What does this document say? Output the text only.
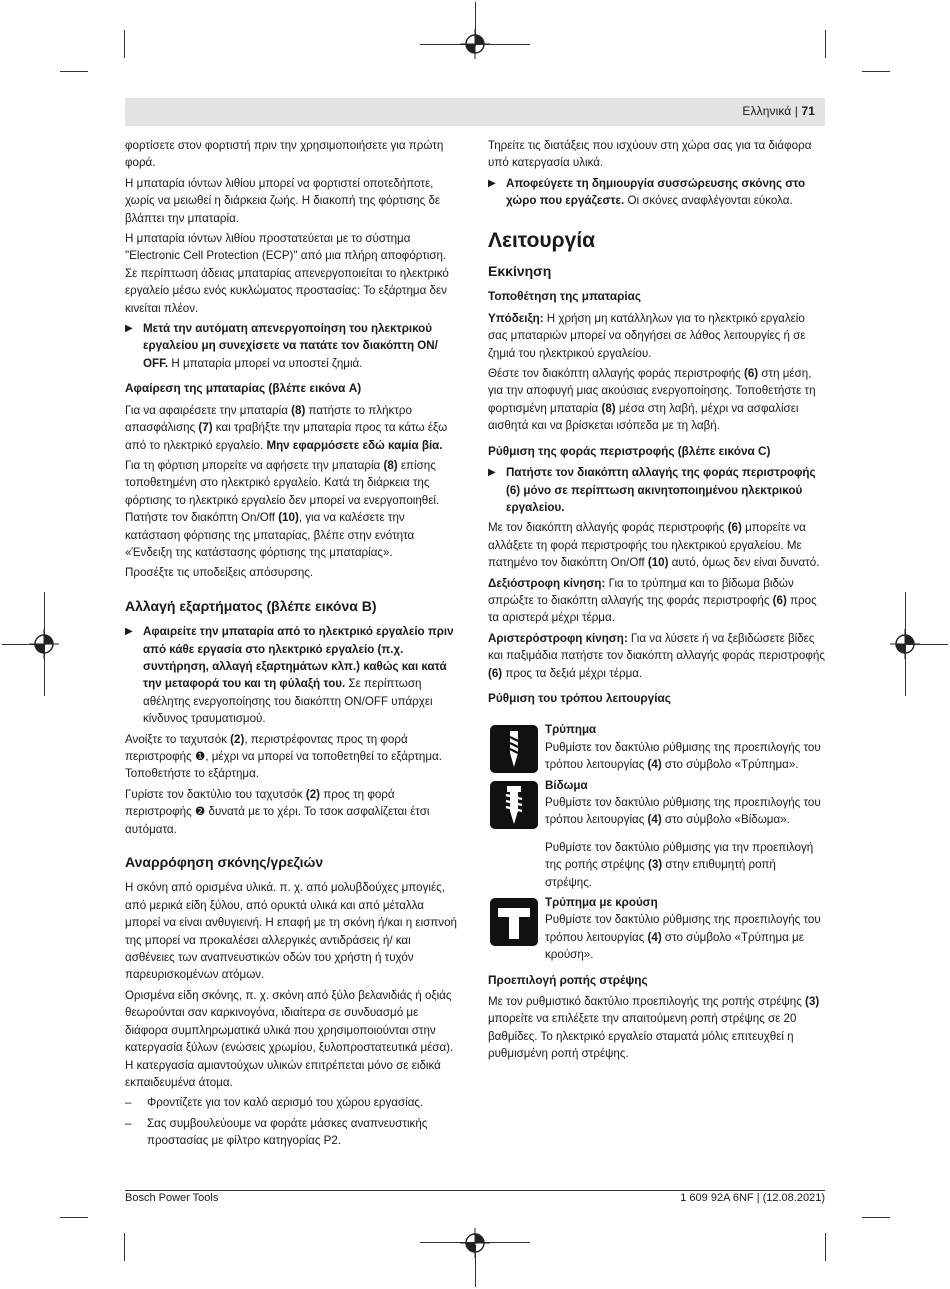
Ελληνικά | 71

φορτίσετε στον φορτιστή πριν την χρησιμοποιήσετε για πρώτη φορά.

Η μπαταρία ιόντων λιθίου μπορεί να φορτιστεί οποτεδήποτε, χωρίς να μειωθεί η διάρκεια ζωής. Η διακοπή της φόρτισης δε βλάπτει την μπαταρία.

Η μπαταρία ιόντων λιθίου προστατεύεται με το σύστημα "Electronic Cell Protection (ECP)" από μια πλήρη αποφόρτιση. Σε περίπτωση άδειας μπαταρίας απενεργοποιείται το ηλεκτρικό εργαλείο μέσω ενός κυκλώματος προστασίας: Το εξάρτημα δεν κινείται πλέον.

▶ Μετά την αυτόματη απενεργοποίηση του ηλεκτρικού εργαλείου μη συνεχίσετε να πατάτε τον διακόπτη ON/ OFF. Η μπαταρία μπορεί να υποστεί ζημιά.
Αφαίρεση της μπαταρίας (βλέπε εικόνα A)

Για να αφαιρέσετε την μπαταρία (8) πατήστε το πλήκτρο απασφάλισης (7) και τραβήξτε την μπαταρία προς τα κάτω έξω από το ηλεκτρικό εργαλείο. Μην εφαρμόσετε εδώ καμία βία.

Για τη φόρτιση μπορείτε να αφήσετε την μπαταρία (8) επίσης τοποθετημένη στο ηλεκτρικό εργαλείο. Κατά τη διάρκεια της φόρτισης το ηλεκτρικό εργαλείο δεν μπορεί να ενεργοποιηθεί. Πατήστε τον διακόπτη On/Off (10), για να καλέσετε την κατάσταση φόρτισης της μπαταρίας, βλέπε στην ενότητα «Ένδειξη της κατάστασης φόρτισης της μπαταρίας».

Προσέξτε τις υποδείξεις απόσυρσης.

Αλλαγή εξαρτήματος (βλέπε εικόνα B)
▶ Αφαιρείτε την μπαταρία από το ηλεκτρικό εργαλείο πριν από κάθε εργασία στο ηλεκτρικό εργαλείο (π.χ. συντήρηση, αλλαγή εξαρτημάτων κλπ.) καθώς και κατά την μεταφορά του και τη φύλαξή του. Σε περίπτωση αθέλητης ενεργοποίησης του διακόπτη ON/OFF υπάρχει κίνδυνος τραυματισμού.

Ανοίξτε το ταχυτσόκ (2), περιστρέφοντας προς τη φορά περιστροφής ❶, μέχρι να μπορεί να τοποθετηθεί το εξάρτημα. Τοποθετήστε το εξάρτημα.

Γυρίστε τον δακτύλιο του ταχυτσόκ (2) προς τη φορά περιστροφής ❷ δυνατά με το χέρι. Το τσοκ ασφαλίζεται έτσι αυτόματα.

Αναρρόφηση σκόνης/γρεζιών

Η σκόνη από ορισμένα υλικά. π. χ. από μολυβδούχες μπογιές, από μερικά είδη ξύλου, από ορυκτά υλικά και από μέταλλα μπορεί να είναι ανθυγιεινή. Η επαφή με τη σκόνη ή/και η εισπνοή της μπορεί να προκαλέσει αλλεργικές αντιδράσεις ή/ και ασθένειες των αναπνευστικών οδών του χρήστη ή τυχόν παρευρισκομένων ατόμων.

Ορισμένα είδη σκόνης, π. χ. σκόνη από ξύλο βελανιδιάς ή οξιάς θεωρούνται σαν καρκινογόνα, ιδιαίτερα σε συνδυασμό με διάφορα συμπληρωματικά υλικά που χρησιμοποιούνται στην κατεργασία ξύλων (ενώσεις χρωμίου, ξυλοπροστατευτικά μέσα). Η κατεργασία αμιαντούχων υλικών επιτρέπεται μόνο σε ειδικά εκπαιδευμένα άτομα.

– Φροντίζετε για τον καλό αερισμό του χώρου εργασίας.
– Σας συμβουλεύουμε να φοράτε μάσκες αναπνευστικής προστασίας με φίλτρο κατηγορίας P2.

Τηρείτε τις διατάξεις που ισχύουν στη χώρα σας για τα διάφορα υπό κατεργασία υλικά.

▶ Αποφεύγετε τη δημιουργία συσσώρευσης σκόνης στο χώρο που εργάζεστε. Οι σκόνες αναφλέγονται εύκολα.
Λειτουργία
Εκκίνηση
Τοποθέτηση της μπαταρίας

Υπόδειξη: Η χρήση μη κατάλληλων για το ηλεκτρικό εργαλείο σας μπαταριών μπορεί να οδηγήσει σε λάθος λειτουργίες ή σε ζημιά του ηλεκτρικού εργαλείου.

Θέστε τον διακόπτη αλλαγής φοράς περιστροφής (6) στη μέση, για την αποφυγή μιας ακούσιας ενεργοποίησης. Τοποθετήστε τη φορτισμένη μπαταρία (8) μέσα στη λαβή, μέχρι να ασφαλίσει αισθητά και να βρίσκεται ισόπεδα με τη λαβή.

Ρύθμιση της φοράς περιστροφής (βλέπε εικόνα C)
▶ Πατήστε τον διακόπτη αλλαγής της φοράς περιστροφής (6) μόνο σε περίπτωση ακινητοποιημένου ηλεκτρικού εργαλείου.

Με τον διακόπτη αλλαγής φοράς περιστροφής (6) μπορείτε να αλλάξετε τη φορά περιστροφής του ηλεκτρικού εργαλείου. Με πατημένο τον διακόπτη On/Off (10) αυτό, όμως δεν είναι δυνατό.

Δεξιόστροφη κίνηση: Για το τρύπημα και το βίδωμα βιδών σπρώξτε το διακόπτη αλλαγής της φοράς περιστροφής (6) προς τα αριστερά μέχρι τέρμα.

Αριστερόστροφη κίνηση: Για να λύσετε ή να ξεβιδώσετε βίδες και παξιμάδια πατήστε τον διακόπτη αλλαγής φοράς περιστροφής (6) προς τα δεξιά μέχρι τέρμα.

Ρύθμιση του τρόπου λειτουργίας
Τρύπημα
Ρυθμίστε τον δακτύλιο ρύθμισης της προεπιλογής του τρόπου λειτουργίας (4) στο σύμβολο «Τρύπημα».
Βίδωμα
Ρυθμίστε τον δακτύλιο ρύθμισης της προεπιλογής του τρόπου λειτουργίας (4) στο σύμβολο «Βίδωμα».
Ρυθμίστε τον δακτύλιο ρύθμισης για την προεπιλογή της ροπής στρέψης (3) στην επιθυμητή ροπή στρέψης.
Τρύπημα με κρούση
Ρυθμίστε τον δακτύλιο ρύθμισης της προεπιλογής του τρόπου λειτουργίας (4) στο σύμβολο «Τρύπημα με κρούση».
Προεπιλογή ροπής στρέψης

Με τον ρυθμιστικό δακτύλιο προεπιλογής της ροπής στρέψης (3) μπορείτε να επιλέξετε την απαιτούμενη ροπή στρέψης σε 20 βαθμίδες. Το ηλεκτρικό εργαλείο σταματά μόλις επιτευχθεί η ρυθμισμένη ροπή στρέψης.

Bosch Power Tools	1 609 92A 6NF | (12.08.2021)
